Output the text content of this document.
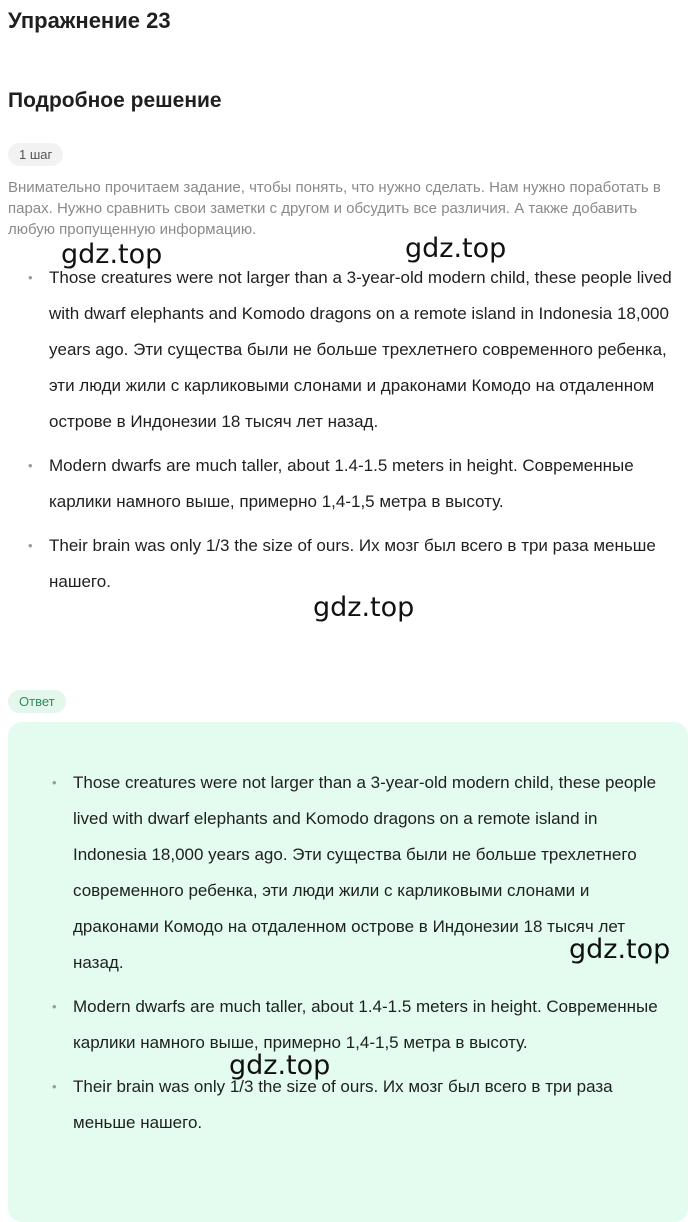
Упражнение 23
Подробное решение
1 шаг

Внимательно прочитаем задание, чтобы понять, что нужно сделать. Нам нужно поработать в парах. Нужно сравнить свои заметки с другом и обсудить все различия. А также добавить любую пропущенную информацию.

• Those creatures were not larger than a 3-year-old modern child, these people lived with dwarf elephants and Komodo dragons on a remote island in Indonesia 18,000 years ago. Эти существа были не больше трехлетнего современного ребенка, эти люди жили с карликовыми слонами и драконами Комодо на отдаленном острове в Индонезии 18 тысяч лет назад.
• Modern dwarfs are much taller, about 1.4-1.5 meters in height. Современные карлики намного выше, примерно 1,4-1,5 метра в высоту.
• Their brain was only 1/3 the size of ours. Их мозг был всего в три раза меньше нашего.
Ответ
• Those creatures were not larger than a 3-year-old modern child, these people lived with dwarf elephants and Komodo dragons on a remote island in Indonesia 18,000 years ago. Эти существа были не больше трехлетнего современного ребенка, эти люди жили с карликовыми слонами и драконами Комодо на отдаленном острове в Индонезии 18 тысяч лет назад.
• Modern dwarfs are much taller, about 1.4-1.5 meters in height. Современные карлики намного выше, примерно 1,4-1,5 метра в высоту.
• Their brain was only 1/3 the size of ours. Их мозг был всего в три раза меньше нашего.
gdz.top	gdz.top
gdz.top
gdz.top
gdz.top
